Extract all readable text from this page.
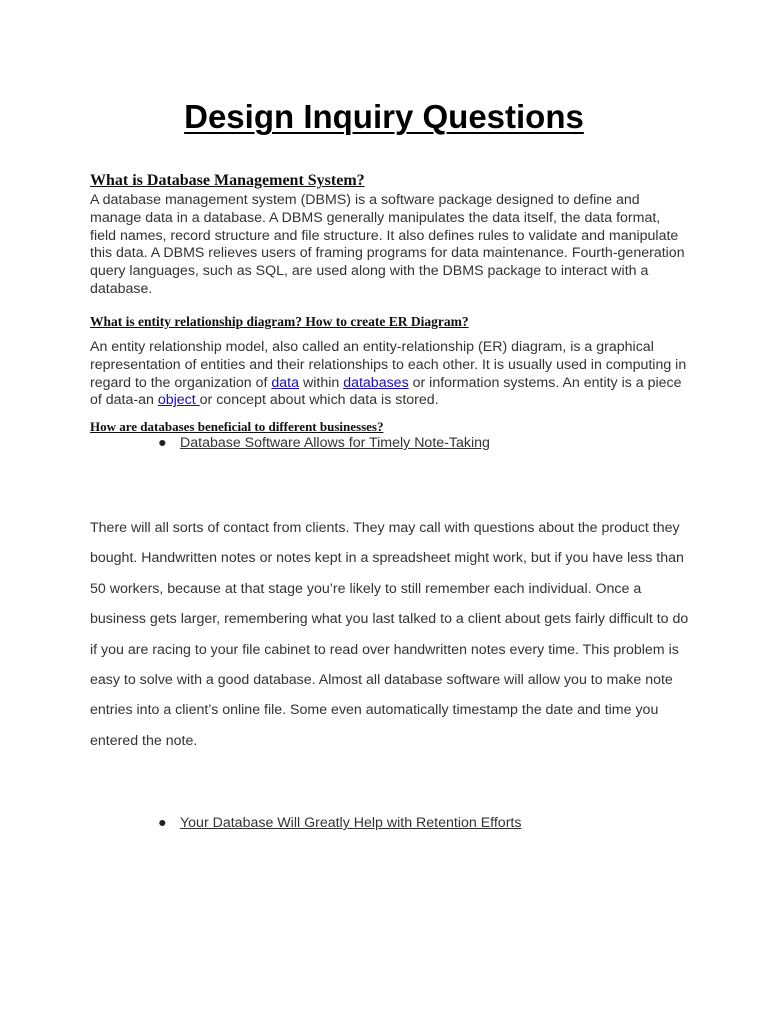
Design Inquiry Questions
What is Database Management System?

A database management system (DBMS) is a software package designed to define and manage data in a database. A DBMS generally manipulates the data itself, the data format, field names, record structure and file structure. It also defines rules to validate and manipulate this data. A DBMS relieves users of framing programs for data maintenance. Fourth-generation query languages, such as SQL, are used along with the DBMS package to interact with a database.

What is entity relationship diagram? How to create ER Diagram?

An entity relationship model, also called an entity-relationship (ER) diagram, is a graphical representation of entities and their relationships to each other. It is usually used in computing in regard to the organization of data within databases or information systems. An entity is a piece of data-an object or concept about which data is stored.

How are databases beneficial to different businesses?
● Database Software Allows for Timely Note-Taking

There will all sorts of contact from clients. They may call with questions about the product they bought. Handwritten notes or notes kept in a spreadsheet might work, but if you have less than 50 workers, because at that stage you’re likely to still remember each individual. Once a business gets larger, remembering what you last talked to a client about gets fairly difficult to do if you are racing to your file cabinet to read over handwritten notes every time. This problem is easy to solve with a good database. Almost all database software will allow you to make note entries into a client’s online file. Some even automatically timestamp the date and time you entered the note.

● Your Database Will Greatly Help with Retention Efforts
